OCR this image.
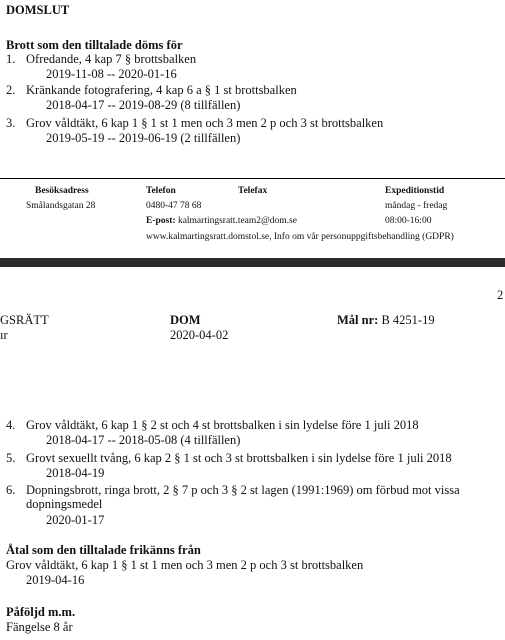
DOMSLUT
Brott som den tilltalade döms för
1. Ofredande, 4 kap 7 § brottsbalken
2019-11-08 -- 2020-01-16
2. Kränkande fotografering, 4 kap 6 a § 1 st brottsbalken
2018-04-17 -- 2019-08-29 (8 tillfällen)
3. Grov våldtäkt, 6 kap 1 § 1 st 1 men och 3 men 2 p och 3 st brottsbalken
2019-05-19 -- 2019-06-19 (2 tillfällen)
Besöksadress
Smålandsgatan 28
Telefon
0480-47 78 68
Telefax
E-post: kalmartingsratt.team2@dom.se
Expeditionstid
måndag - fredag
08:00-16:00
www.kalmartingsratt.domstol.se, Info om vår personuppgiftsbehandling (GDPR)
2
GSRÄTT
ır
DOM
2020-04-02
Mål nr: B 4251-19
4. Grov våldtäkt, 6 kap 1 § 2 st och 4 st brottsbalken i sin lydelse före 1 juli 2018
2018-04-17 -- 2018-05-08 (4 tillfällen)
5. Grovt sexuellt tvång, 6 kap 2 § 1 st och 3 st brottsbalken i sin lydelse före 1 juli 2018
2018-04-19
6. Dopningsbrott, ringa brott, 2 § 7 p och 3 § 2 st lagen (1991:1969) om förbud mot vissa
dopningsmedel
2020-01-17
Åtal som den tilltalade frikänns från
Grov våldtäkt, 6 kap 1 § 1 st 1 men och 3 men 2 p och 3 st brottsbalken
2019-04-16
Påföljd m.m.
Fängelse 8 år
